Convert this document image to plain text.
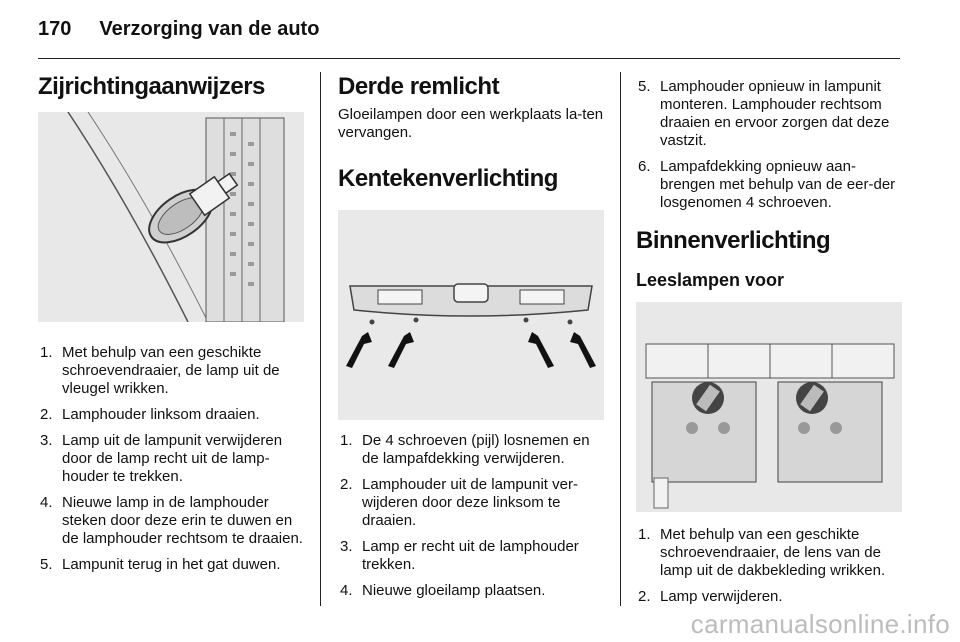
170 Verzorging van de auto
Zijrichtingaanwijzers
1. Met behulp van een geschikte schroevendraaier, de lamp uit de vleugel wrikken.
2. Lamphouder linksom draaien.
3. Lamp uit de lampunit verwijderen door de lamp recht uit de lamp-houder te trekken.
4. Nieuwe lamp in de lamphouder steken door deze erin te duwen en de lamphouder rechtsom te draaien.
5. Lampunit terug in het gat duwen.
Derde remlicht

Gloeilampen door een werkplaats la-ten vervangen.

Kentekenverlichting
1. De 4 schroeven (pijl) losnemen en de lampafdekking verwijderen.
2. Lamphouder uit de lampunit ver-wijderen door deze linksom te draaien.
3. Lamp er recht uit de lamphouder trekken.
4. Nieuwe gloeilamp plaatsen.
5. Lamphouder opnieuw in lampunit monteren. Lamphouder rechtsom draaien en ervoor zorgen dat deze vastzit.
6. Lampafdekking opnieuw aan-brengen met behulp van de eer-der losgenomen 4 schroeven.
Binnenverlichting
Leeslampen voor
1. Met behulp van een geschikte schroevendraaier, de lens van de lamp uit de dakbekleding wrikken.
2. Lamp verwijderen.
carmanualsonline.info
